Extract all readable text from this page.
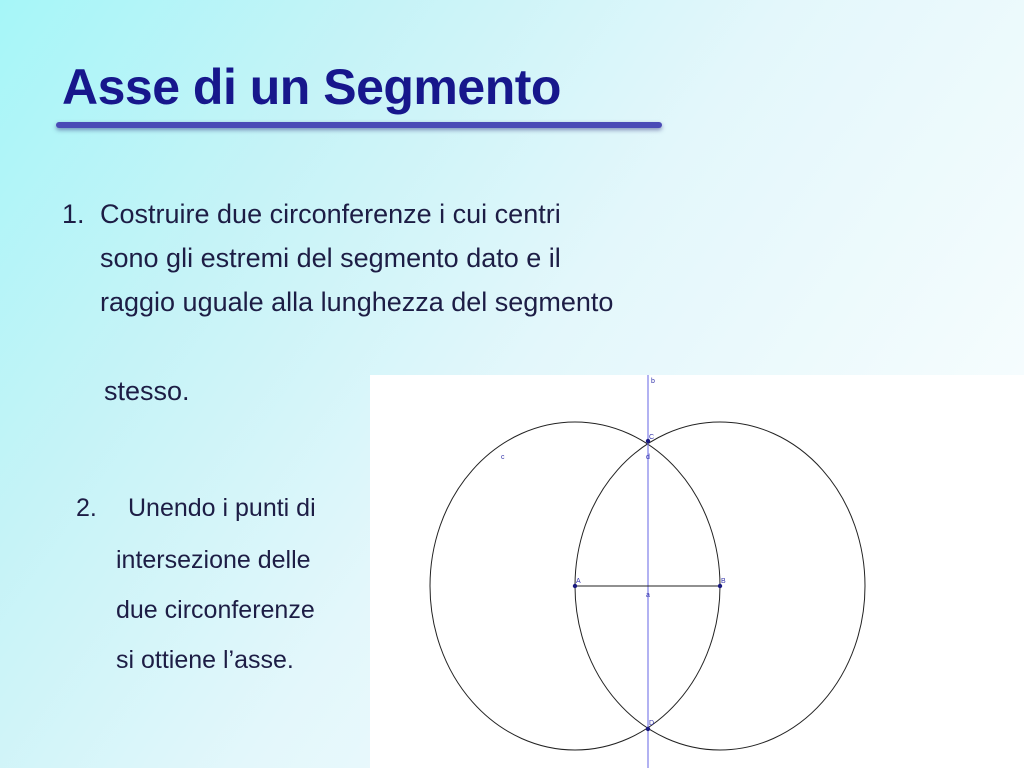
Asse di un Segmento
1. Costruire due circonferenze i cui centri sono gli estremi del segmento dato e il raggio uguale alla lunghezza del segmento
stesso.
2. Unendo i punti di
intersezione delle
due circonferenze
si ottiene l’asse.
b
c	d
A	B
C
D
a
